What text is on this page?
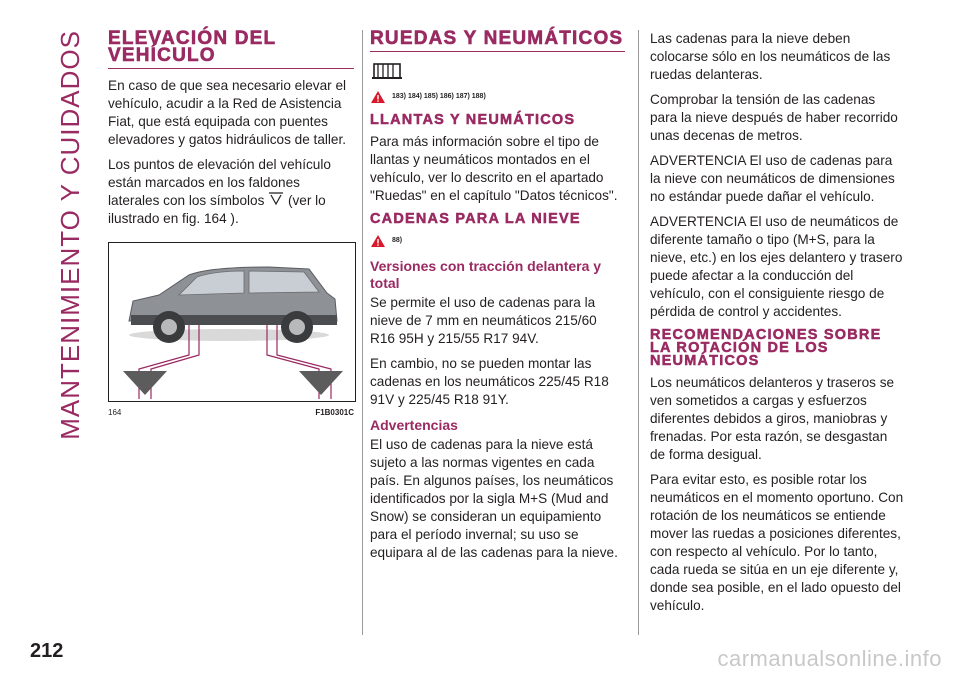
MANTENIMIENTO Y CUIDADOS ELEVACIÓN DEL VEHÍCULO

En caso de que sea necesario elevar el vehículo, acudir a la Red de Asistencia Fiat, que está equipada con puentes elevadores y gatos hidráulicos de taller.

Los puntos de elevación del vehículo están marcados en los faldones laterales con los símbolos (ver lo ilustrado en fig. 164 ).

164	F1B0301C
RUEDAS Y NEUMÁTICOS
183) 184) 185) 186) 187) 188)
LLANTAS Y NEUMÁTICOS

Para más información sobre el tipo de llantas y neumáticos montados en el vehículo, ver lo descrito en el apartado "Ruedas" en el capítulo "Datos técnicos".

CADENAS PARA LA NIEVE
88)
Versiones con tracción delantera y total

Se permite el uso de cadenas para la nieve de 7 mm en neumáticos 215/60 R16 95H y 215/55 R17 94V.

En cambio, no se pueden montar las cadenas en los neumáticos 225/45 R18 91V y 225/45 R18 91Y.

Advertencias

El uso de cadenas para la nieve está sujeto a las normas vigentes en cada país. En algunos países, los neumáticos identificados por la sigla M+S (Mud and Snow) se consideran un equipamiento para el período invernal; su uso se equipara al de las cadenas para la nieve.

Las cadenas para la nieve deben colocarse sólo en los neumáticos de las ruedas delanteras.

Comprobar la tensión de las cadenas para la nieve después de haber recorrido unas decenas de metros.

ADVERTENCIA El uso de cadenas para la nieve con neumáticos de dimensiones no estándar puede dañar el vehículo.

ADVERTENCIA El uso de neumáticos de diferente tamaño o tipo (M+S, para la nieve, etc.) en los ejes delantero y trasero puede afectar a la conducción del vehículo, con el consiguiente riesgo de pérdida de control y accidentes.

RECOMENDACIONES SOBRE LA ROTACIÓN DE LOS NEUMÁTICOS

Los neumáticos delanteros y traseros se ven sometidos a cargas y esfuerzos diferentes debidos a giros, maniobras y frenadas. Por esta razón, se desgastan de forma desigual.

Para evitar esto, es posible rotar los neumáticos en el momento oportuno. Con rotación de los neumáticos se entiende mover las ruedas a posiciones diferentes, con respecto al vehículo. Por lo tanto, cada rueda se sitúa en un eje diferente y, donde sea posible, en el lado opuesto del vehículo.

212	carmanualsonline.info
